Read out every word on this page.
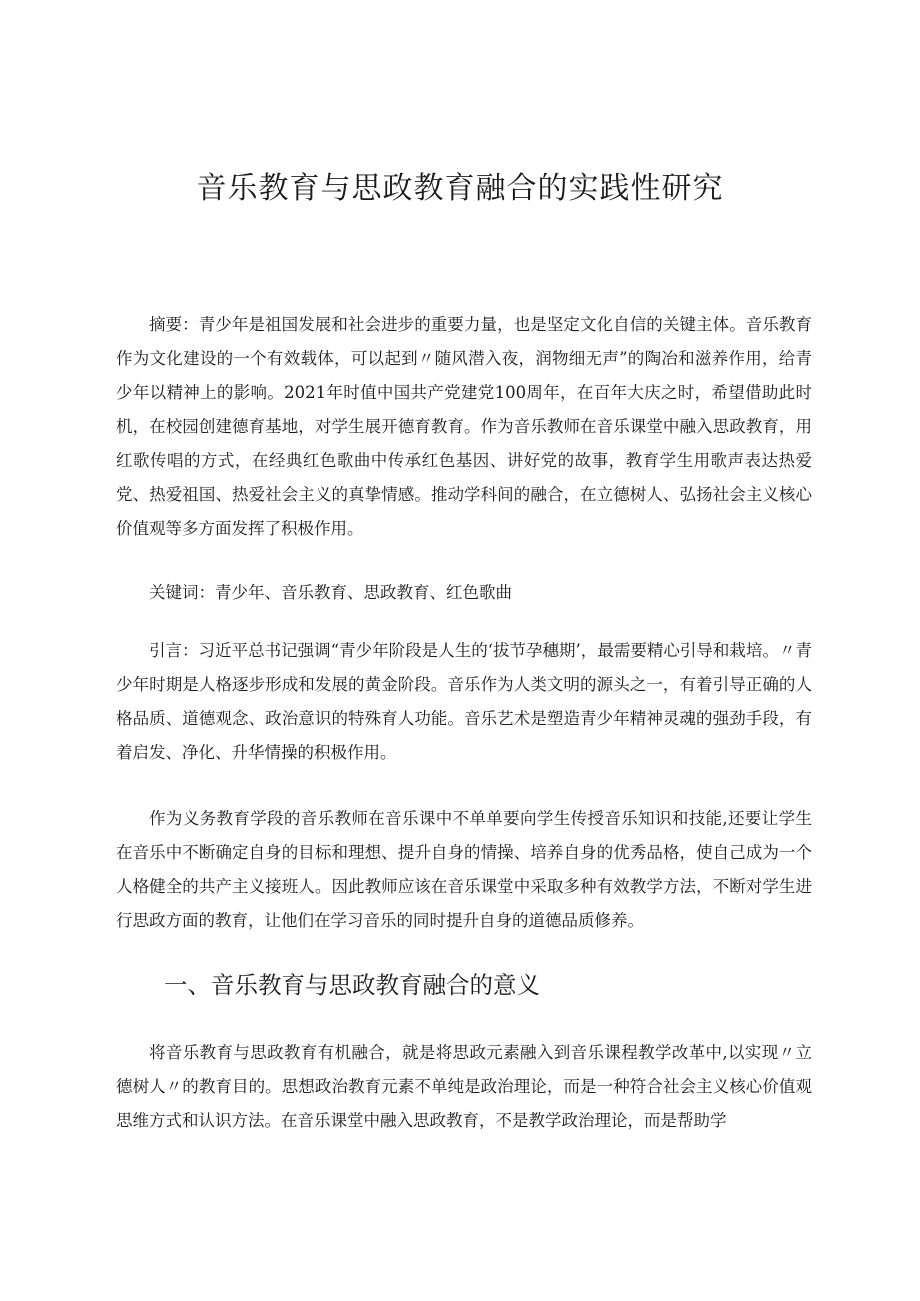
音乐教育与思政教育融合的实践性研究

摘要：青少年是祖国发展和社会进步的重要力量，也是坚定文化自信的关键主体。音乐教育作为文化建设的一个有效载体，可以起到〃随风潜入夜，润物细无声”的陶冶和滋养作用，给青少年以精神上的影响。2021年时值中国共产党建党100周年，在百年大庆之时，希望借助此时机，在校园创建德育基地，对学生展开德育教育。作为音乐教师在音乐课堂中融入思政教育，用红歌传唱的方式，在经典红色歌曲中传承红色基因、讲好党的故事，教育学生用歌声表达热爱党、热爱祖国、热爱社会主义的真挚情感。推动学科间的融合，在立德树人、弘扬社会主义核心价值观等多方面发挥了积极作用。

关键词：青少年、音乐教育、思政教育、红色歌曲

引言：习近平总书记强调“青少年阶段是人生的‘拔节孕穗期’，最需要精心引导和栽培。〃青少年时期是人格逐步形成和发展的黄金阶段。音乐作为人类文明的源头之一，有着引导正确的人格品质、道德观念、政治意识的特殊育人功能。音乐艺术是塑造青少年精神灵魂的强劲手段，有着启发、净化、升华情操的积极作用。

作为义务教育学段的音乐教师在音乐课中不单单要向学生传授音乐知识和技能,还要让学生在音乐中不断确定自身的目标和理想、提升自身的情操、培养自身的优秀品格，使自己成为一个人格健全的共产主义接班人。因此教师应该在音乐课堂中采取多种有效教学方法，不断对学生进行思政方面的教育，让他们在学习音乐的同时提升自身的道德品质修养。

一、音乐教育与思政教育融合的意义

将音乐教育与思政教育有机融合，就是将思政元素融入到音乐课程教学改革中,以实现〃立德树人〃的教育目的。思想政治教育元素不单纯是政治理论，而是一种符合社会主义核心价值观思维方式和认识方法。在音乐课堂中融入思政教育，不是教学政治理论，而是帮助学
